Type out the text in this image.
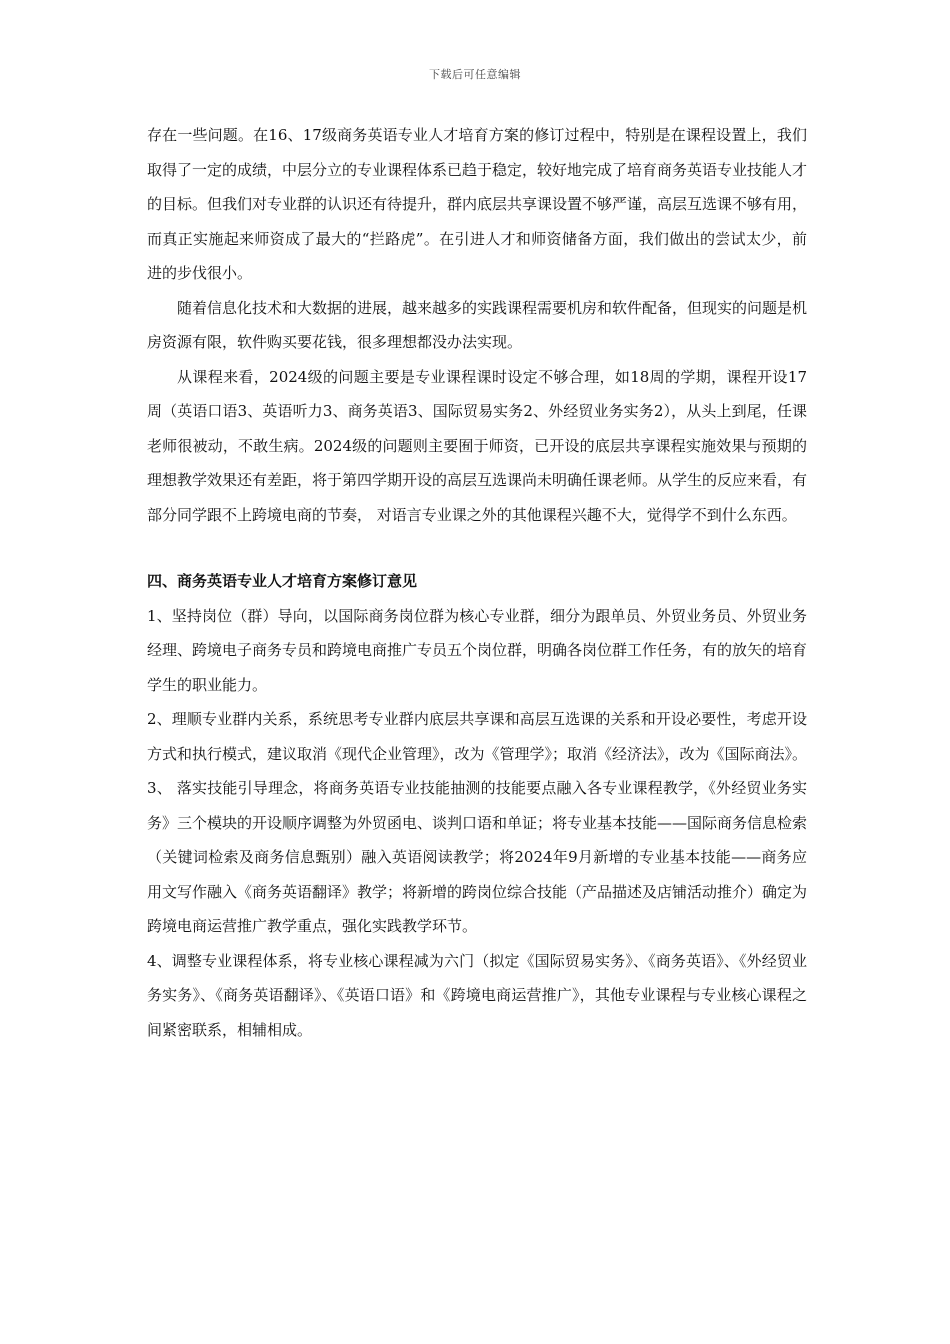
下载后可任意编辑

存在一些问题。在16、17级商务英语专业人才培育方案的修订过程中，特别是在课程设置上，我们取得了一定的成绩，中层分立的专业课程体系已趋于稳定，较好地完成了培育商务英语专业技能人才的目标。但我们对专业群的认识还有待提升，群内底层共享课设置不够严谨，高层互选课不够有用，而真正实施起来师资成了最大的“拦路虎”。在引进人才和师资储备方面，我们做出的尝试太少，前进的步伐很小。

随着信息化技术和大数据的进展，越来越多的实践课程需要机房和软件配备，但现实的问题是机房资源有限，软件购买要花钱，很多理想都没办法实现。

从课程来看，2024级的问题主要是专业课程课时设定不够合理，如18周的学期，课程开设17周（英语口语3、英语听力3、商务英语3、国际贸易实务2、外经贸业务实务2），从头上到尾，任课老师很被动，不敢生病。2024级的问题则主要囿于师资，已开设的底层共享课程实施效果与预期的理想教学效果还有差距，将于第四学期开设的高层互选课尚未明确任课老师。从学生的反应来看，有部分同学跟不上跨境电商的节奏， 对语言专业课之外的其他课程兴趣不大，觉得学不到什么东西。

四、商务英语专业人才培育方案修订意见

1、坚持岗位（群）导向，以国际商务岗位群为核心专业群，细分为跟单员、外贸业务员、外贸业务经理、跨境电子商务专员和跨境电商推广专员五个岗位群，明确各岗位群工作任务，有的放矢的培育学生的职业能力。

2、理顺专业群内关系，系统思考专业群内底层共享课和高层互选课的关系和开设必要性，考虑开设方式和执行模式，建议取消《现代企业管理》，改为《管理学》；取消《经济法》，改为《国际商法》。

3、 落实技能引导理念，将商务英语专业技能抽测的技能要点融入各专业课程教学，《外经贸业务实务》三个模块的开设顺序调整为外贸函电、谈判口语和单证；将专业基本技能——国际商务信息检索（关键词检索及商务信息甄别）融入英语阅读教学；将2024年9月新增的专业基本技能——商务应用文写作融入《商务英语翻译》教学；将新增的跨岗位综合技能（产品描述及店铺活动推介）确定为跨境电商运营推广教学重点，强化实践教学环节。

4、调整专业课程体系，将专业核心课程减为六门（拟定《国际贸易实务》、《商务英语》、《外经贸业务实务》、《商务英语翻译》、《英语口语》和《跨境电商运营推广》，其他专业课程与专业核心课程之间紧密联系，相辅相成。
